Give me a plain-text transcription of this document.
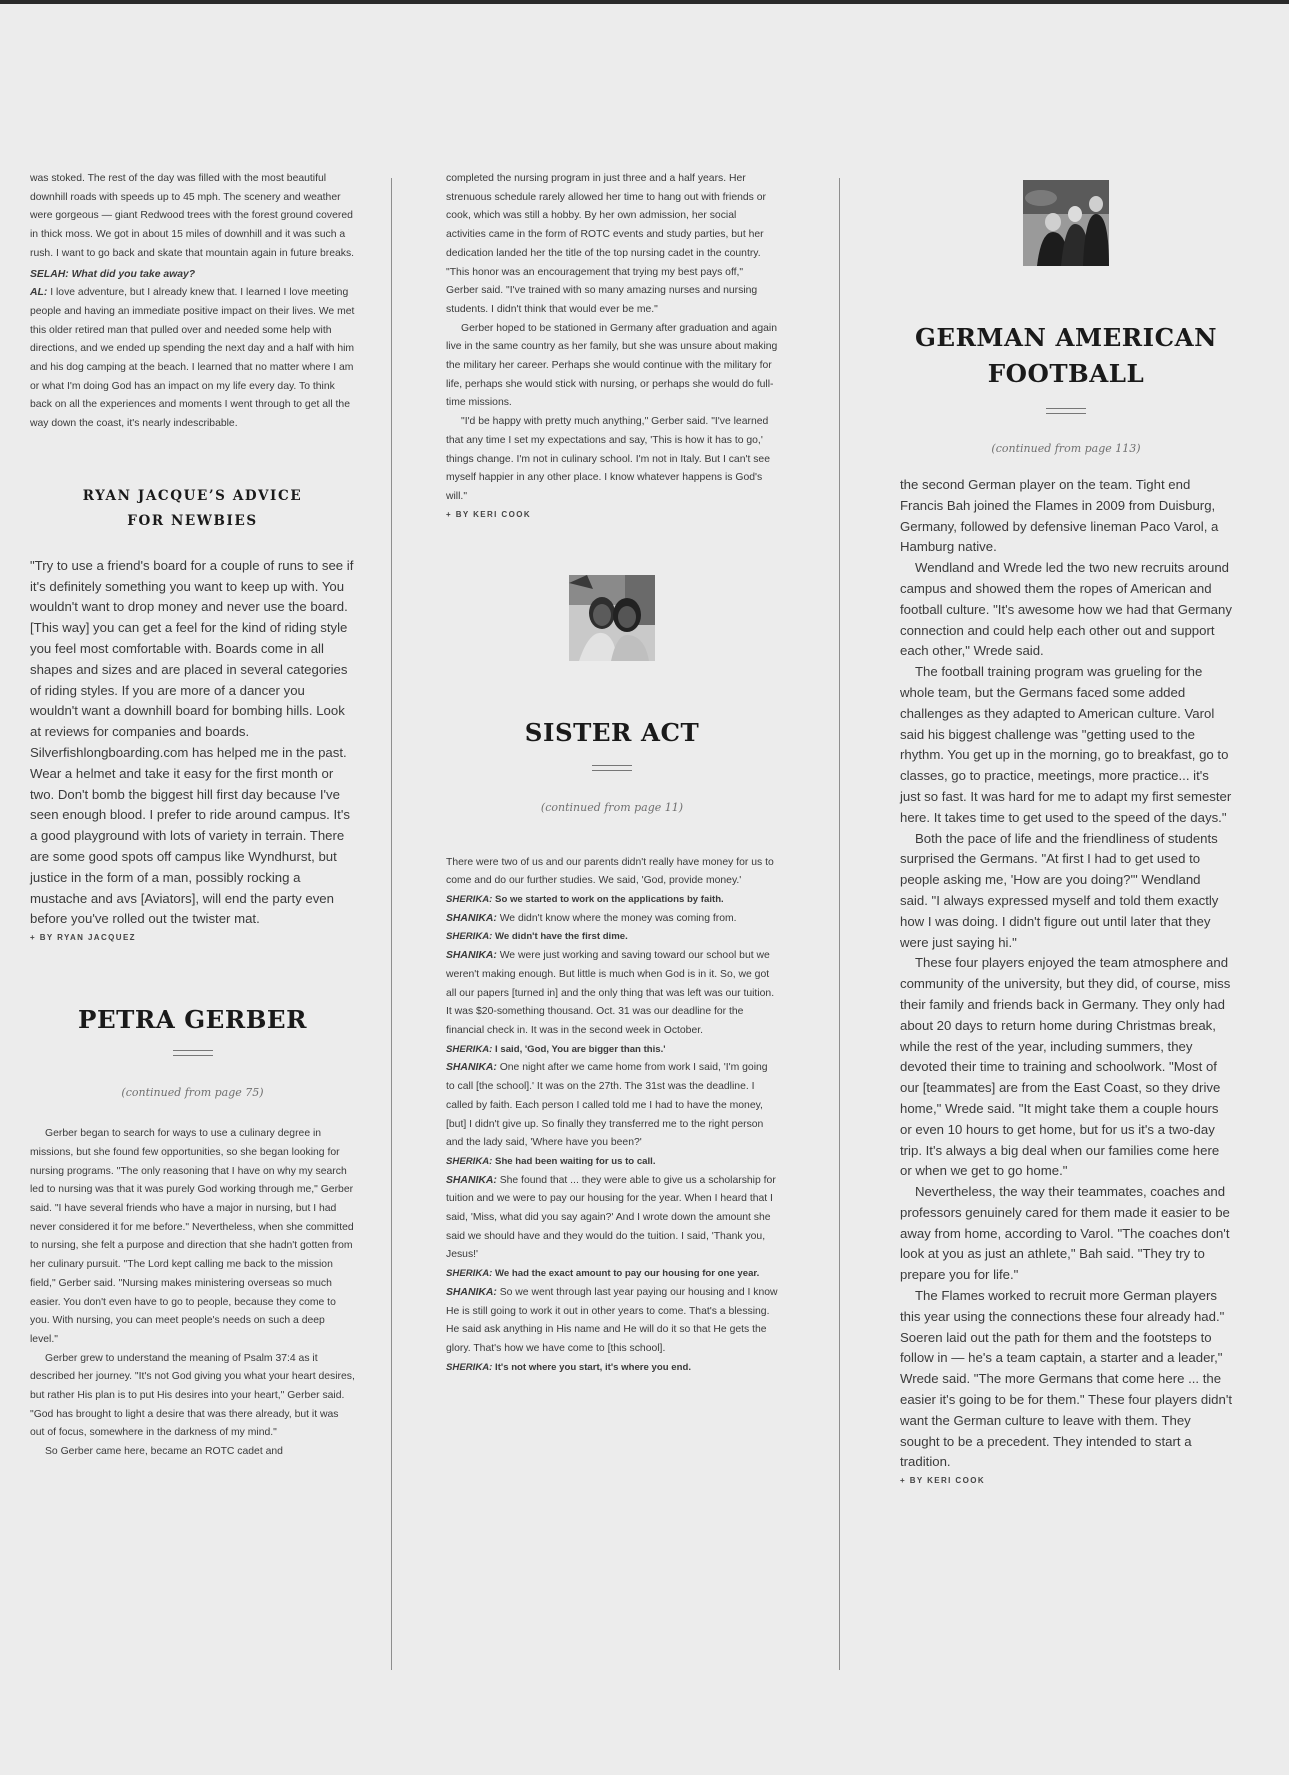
was stoked. The rest of the day was filled with the most beautiful downhill roads with speeds up to 45 mph. The scenery and weather were gorgeous — giant Redwood trees with the forest ground covered in thick moss. We got in about 15 miles of downhill and it was such a rush. I want to go back and skate that mountain again in future breaks.

SELAH: What did you take away?

AL: I love adventure, but I already knew that. I learned I love meeting people and having an immediate positive impact on their lives. We met this older retired man that pulled over and needed some help with directions, and we ended up spending the next day and a half with him and his dog camping at the beach. I learned that no matter where I am or what I'm doing God has an impact on my life every day. To think back on all the experiences and moments I went through to get all the way down the coast, it's nearly indescribable.

RYAN JACQUE’S ADVICE
FOR NEWBIES

"Try to use a friend's board for a couple of runs to see if it's definitely something you want to keep up with. You wouldn't want to drop money and never use the board. [This way] you can get a feel for the kind of riding style you feel most comfortable with. Boards come in all shapes and sizes and are placed in several categories of riding styles. If you are more of a dancer you wouldn't want a downhill board for bombing hills. Look at reviews for companies and boards. Silverfishlongboarding.com has helped me in the past. Wear a helmet and take it easy for the first month or two. Don't bomb the biggest hill first day because I've seen enough blood. I prefer to ride around campus. It's a good playground with lots of variety in terrain. There are some good spots off campus like Wyndhurst, but justice in the form of a man, possibly rocking a mustache and avs [Aviators], will end the party even before you've rolled out the twister mat.

+ BY RYAN JACQUEZ
PETRA GERBER
(continued from page 75)

Gerber began to search for ways to use a culinary degree in missions, but she found few opportunities, so she began looking for nursing programs. "The only reasoning that I have on why my search led to nursing was that it was purely God working through me," Gerber said. "I have several friends who have a major in nursing, but I had never considered it for me before." Nevertheless, when she committed to nursing, she felt a purpose and direction that she hadn't gotten from her culinary pursuit. "The Lord kept calling me back to the mission field," Gerber said. "Nursing makes ministering overseas so much easier. You don't even have to go to people, because they come to you. With nursing, you can meet people's needs on such a deep level."

Gerber grew to understand the meaning of Psalm 37:4 as it described her journey. "It's not God giving you what your heart desires, but rather His plan is to put His desires into your heart," Gerber said. "God has brought to light a desire that was there already, but it was out of focus, somewhere in the darkness of my mind."

So Gerber came here, became an ROTC cadet and

completed the nursing program in just three and a half years. Her strenuous schedule rarely allowed her time to hang out with friends or cook, which was still a hobby. By her own admission, her social activities came in the form of ROTC events and study parties, but her dedication landed her the title of the top nursing cadet in the country. "This honor was an encouragement that trying my best pays off," Gerber said. "I've trained with so many amazing nurses and nursing students. I didn't think that would ever be me."

Gerber hoped to be stationed in Germany after graduation and again live in the same country as her family, but she was unsure about making the military her career. Perhaps she would continue with the military for life, perhaps she would stick with nursing, or perhaps she would do full-time missions.

"I'd be happy with pretty much anything," Gerber said. "I've learned that any time I set my expectations and say, 'This is how it has to go,' things change. I'm not in culinary school. I'm not in Italy. But I can't see myself happier in any other place. I know whatever happens is God's will."

+ BY KERI COOK
SISTER ACT
(continued from page 11)

There were two of us and our parents didn't really have money for us to come and do our further studies. We said, 'God, provide money.'

SHERIKA: So we started to work on the applications by faith.

SHANIKA: We didn't know where the money was coming from.

SHERIKA: We didn't have the first dime.

SHANIKA: We were just working and saving toward our school but we weren't making enough. But little is much when God is in it. So, we got all our papers [turned in] and the only thing that was left was our tuition. It was $20-something thousand. Oct. 31 was our deadline for the financial check in. It was in the second week in October.

SHERIKA: I said, 'God, You are bigger than this.'

SHANIKA: One night after we came home from work I said, 'I'm going to call [the school].' It was on the 27th. The 31st was the deadline. I called by faith. Each person I called told me I had to have the money, [but] I didn't give up. So finally they transferred me to the right person and the lady said, 'Where have you been?'

SHERIKA: She had been waiting for us to call.

SHANIKA: She found that ... they were able to give us a scholarship for tuition and we were to pay our housing for the year. When I heard that I said, 'Miss, what did you say again?' And I wrote down the amount she said we should have and they would do the tuition. I said, 'Thank you, Jesus!'

SHERIKA: We had the exact amount to pay our housing for one year.

SHANIKA: So we went through last year paying our housing and I know He is still going to work it out in other years to come. That's a blessing. He said ask anything in His name and He will do it so that He gets the glory. That's how we have come to [this school].

SHERIKA: It's not where you start, it's where you end.

GERMAN AMERICAN
FOOTBALL
(continued from page 113)

the second German player on the team. Tight end Francis Bah joined the Flames in 2009 from Duisburg, Germany, followed by defensive lineman Paco Varol, a Hamburg native.

Wendland and Wrede led the two new recruits around campus and showed them the ropes of American and football culture. "It's awesome how we had that Germany connection and could help each other out and support each other," Wrede said.

The football training program was grueling for the whole team, but the Germans faced some added challenges as they adapted to American culture. Varol said his biggest challenge was "getting used to the rhythm. You get up in the morning, go to breakfast, go to classes, go to practice, meetings, more practice... it's just so fast. It was hard for me to adapt my first semester here. It takes time to get used to the speed of the days."

Both the pace of life and the friendliness of students surprised the Germans. "At first I had to get used to people asking me, 'How are you doing?'" Wendland said. "I always expressed myself and told them exactly how I was doing. I didn't figure out until later that they were just saying hi."

These four players enjoyed the team atmosphere and community of the university, but they did, of course, miss their family and friends back in Germany. They only had about 20 days to return home during Christmas break, while the rest of the year, including summers, they devoted their time to training and schoolwork. "Most of our [teammates] are from the East Coast, so they drive home," Wrede said. "It might take them a couple hours or even 10 hours to get home, but for us it's a two-day trip. It's always a big deal when our families come here or when we get to go home."

Nevertheless, the way their teammates, coaches and professors genuinely cared for them made it easier to be away from home, according to Varol. "The coaches don't look at you as just an athlete," Bah said. "They try to prepare you for life."

The Flames worked to recruit more German players this year using the connections these four already had." Soeren laid out the path for them and the footsteps to follow in — he's a team captain, a starter and a leader," Wrede said. "The more Germans that come here ... the easier it's going to be for them." These four players didn't want the German culture to leave with them. They sought to be a precedent. They intended to start a tradition.

+ BY KERI COOK
